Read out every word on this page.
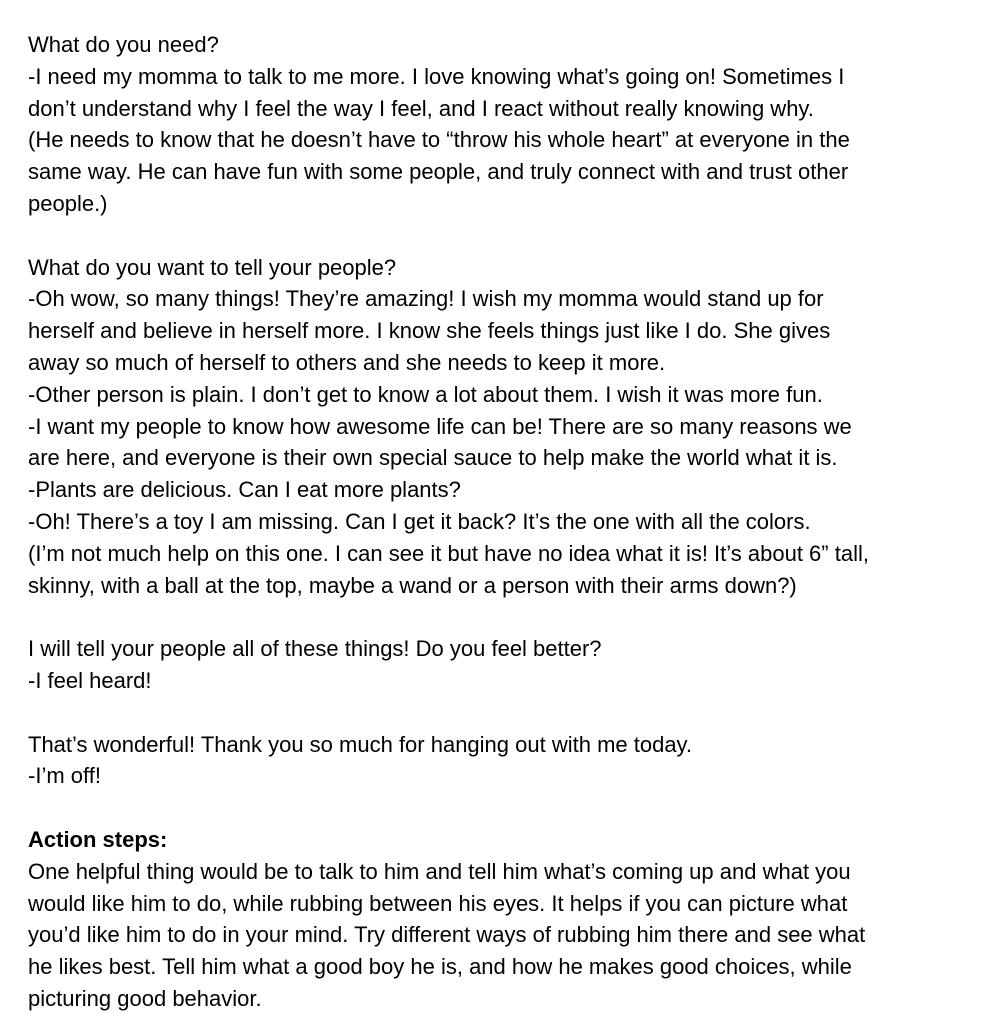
What do you need?
-I need my momma to talk to me more. I love knowing what’s going on! Sometimes I
don’t understand why I feel the way I feel, and I react without really knowing why.
(He needs to know that he doesn’t have to “throw his whole heart” at everyone in the
same way. He can have fun with some people, and truly connect with and trust other
people.)
What do you want to tell your people?
-Oh wow, so many things! They’re amazing! I wish my momma would stand up for
herself and believe in herself more. I know she feels things just like I do. She gives
away so much of herself to others and she needs to keep it more.
-Other person is plain. I don’t get to know a lot about them. I wish it was more fun.
-I want my people to know how awesome life can be! There are so many reasons we
are here, and everyone is their own special sauce to help make the world what it is.
-Plants are delicious. Can I eat more plants?
-Oh! There’s a toy I am missing. Can I get it back? It’s the one with all the colors.
(I’m not much help on this one. I can see it but have no idea what it is! It’s about 6” tall,
skinny, with a ball at the top, maybe a wand or a person with their arms down?)
I will tell your people all of these things! Do you feel better?
-I feel heard!
That’s wonderful! Thank you so much for hanging out with me today.
-I’m off!
Action steps:
One helpful thing would be to talk to him and tell him what’s coming up and what you
would like him to do, while rubbing between his eyes. It helps if you can picture what
you’d like him to do in your mind. Try different ways of rubbing him there and see what
he likes best. Tell him what a good boy he is, and how he makes good choices, while
picturing good behavior.
